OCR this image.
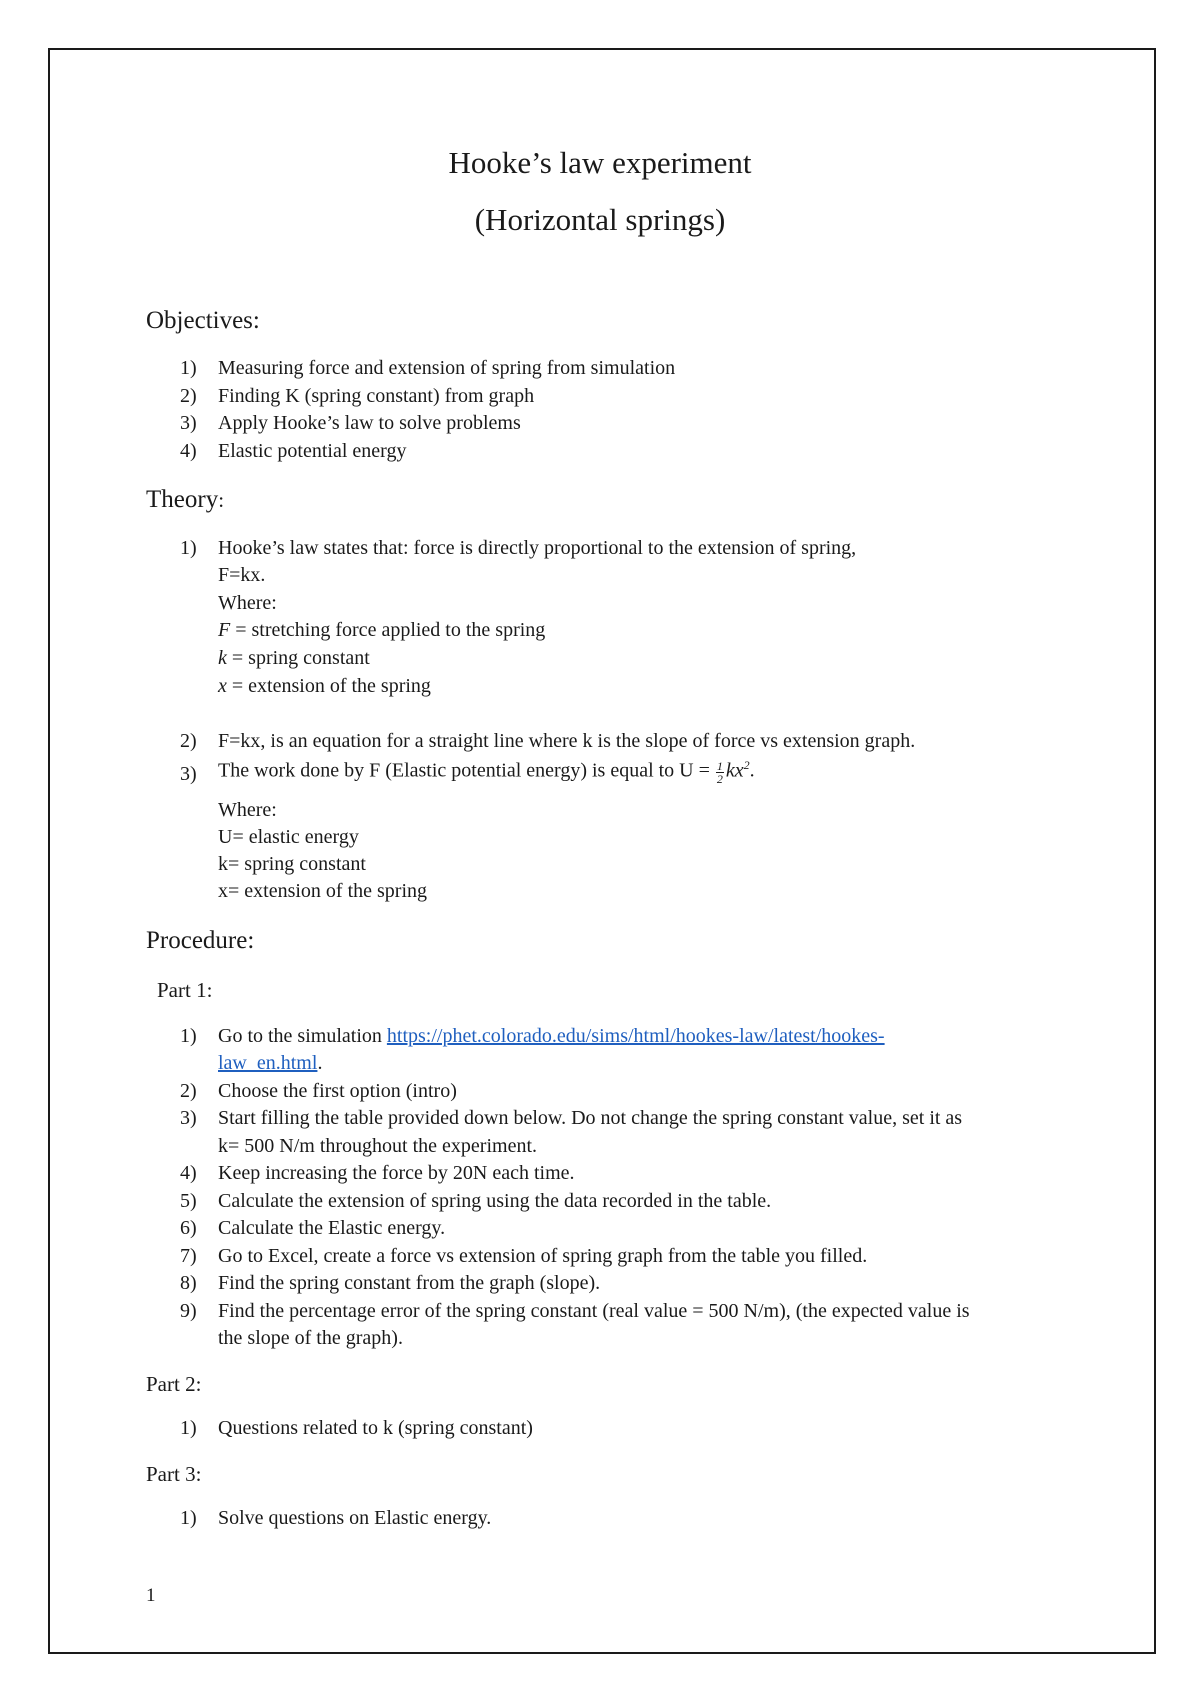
Hooke’s law experiment
(Horizontal springs)
Objectives:
1) Measuring force and extension of spring from simulation
2) Finding K (spring constant) from graph
3) Apply Hooke’s law to solve problems
4) Elastic potential energy
Theory:
1) Hooke’s law states that: force is directly proportional to the extension of spring,
F=kx.
Where:
F = stretching force applied to the spring
k = spring constant
x = extension of the spring
2) F=kx, is an equation for a straight line where k is the slope of force vs extension graph.
3) The work done by F (Elastic potential energy) is equal to $U = \frac{1}{2} kx^2$.
Where:
U= elastic energy
k= spring constant
x= extension of the spring
Procedure:
Part 1:
1) Go to the simulation https://phet.colorado.edu/sims/html/hookes-law/latest/hookes-
law_en.html.
2) Choose the first option (intro)
3) Start filling the table provided down below. Do not change the spring constant value, set it as
k= 500 N/m throughout the experiment.
4) Keep increasing the force by 20N each time.
5) Calculate the extension of spring using the data recorded in the table.
6) Calculate the Elastic energy.
7) Go to Excel, create a force vs extension of spring graph from the table you filled.
8) Find the spring constant from the graph (slope).
9) Find the percentage error of the spring constant (real value = 500 N/m), (the expected value is
the slope of the graph).
Part 2:
1) Questions related to k (spring constant)
Part 3:
1) Solve questions on Elastic energy.
1
